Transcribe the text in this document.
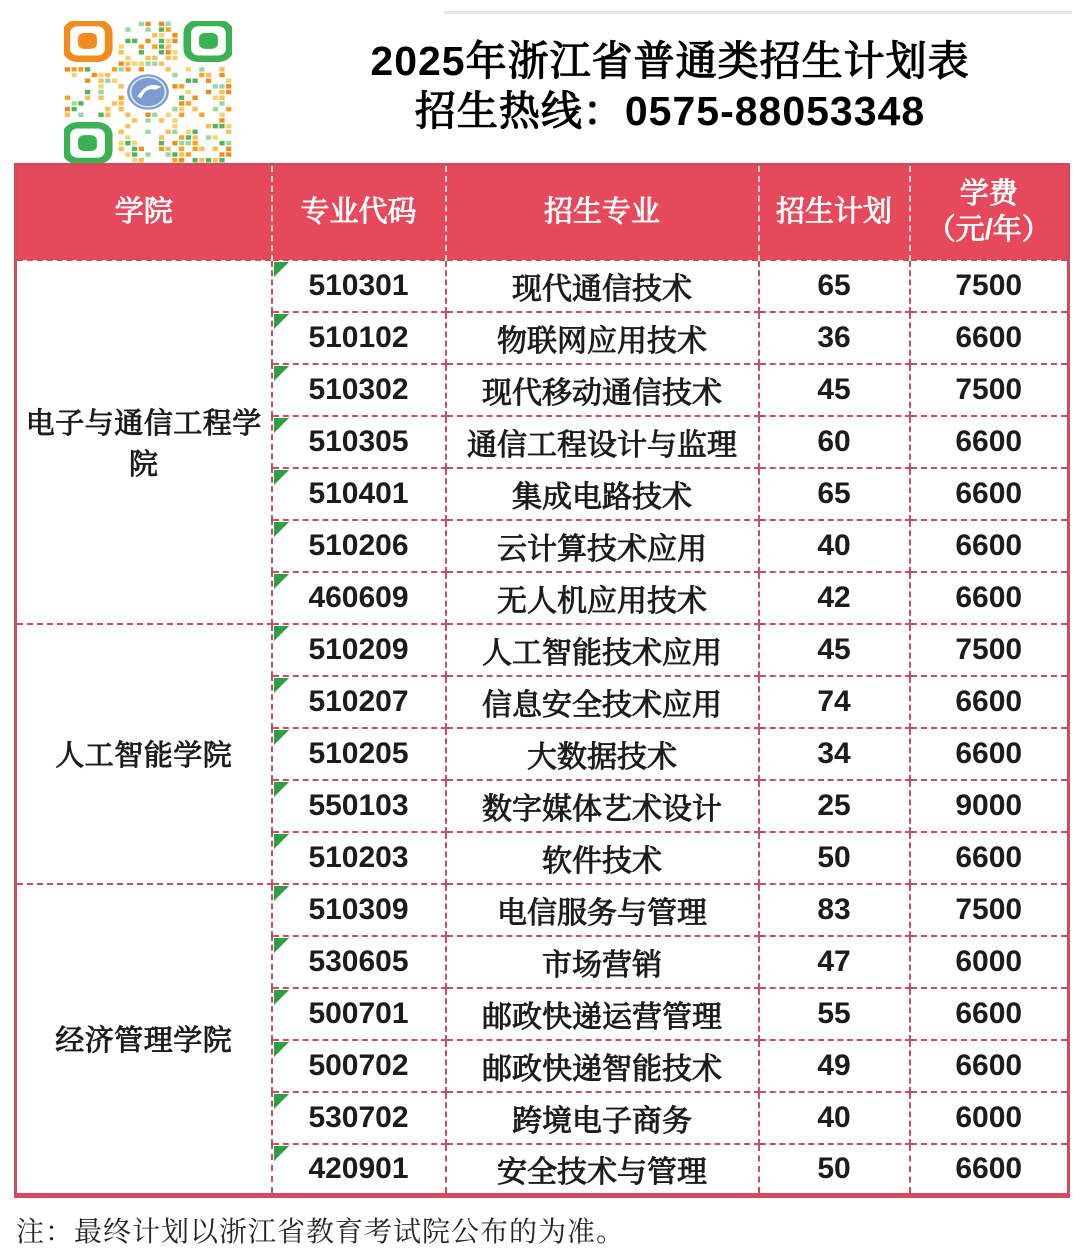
2025年浙江省普通类招生计划表
招生热线：0575-88053348
学院	专业代码	招生专业	招生计划	学费
（元/年）

电子与通信工程学院	510301	现代通信技术	65	7500

510102	物联网应用技术	36	6600

510302	现代移动通信技术	45	7500

510305	通信工程设计与监理	60	6600

510401	集成电路技术	65	6600

510206	云计算技术应用	40	6600

460609	无人机应用技术	42	6600
人工智能学院	510209	人工智能技术应用	45	7500

510207	信息安全技术应用	74	6600

510205	大数据技术	34	6600

550103	数字媒体艺术设计	25	9000

510203	软件技术	50	6600
经济管理学院	510309	电信服务与管理	83	7500

530605	市场营销	47	6000

500701	邮政快递运营管理	55	6600

500702	邮政快递智能技术	49	6600

530702	跨境电子商务	40	6000

420901	安全技术与管理	50	6600
注：最终计划以浙江省教育考试院公布的为准。
